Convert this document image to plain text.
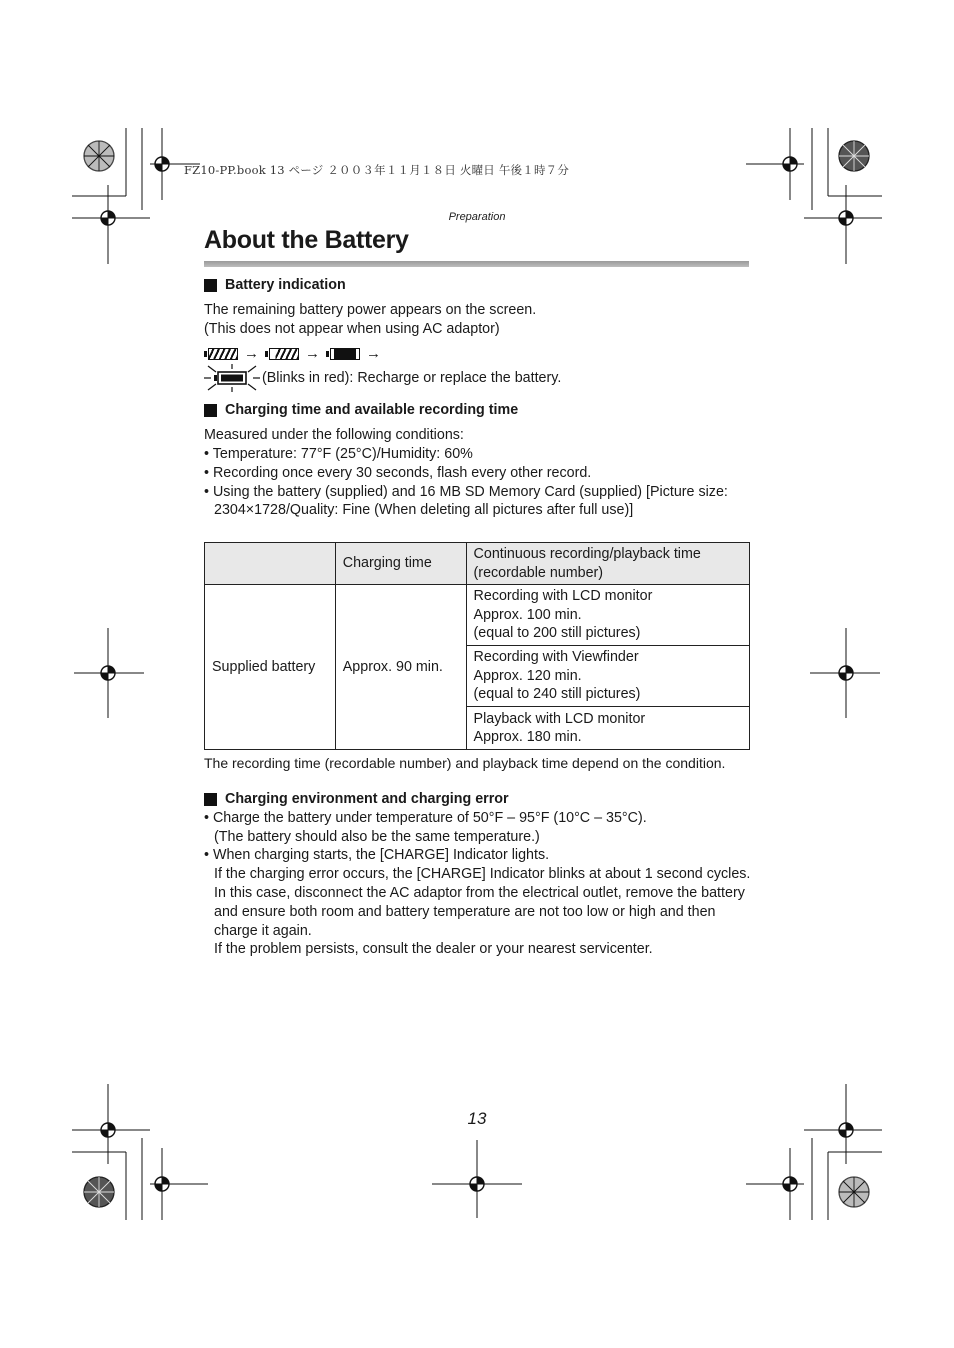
FZ10-PP.book 13 ページ ２００３年１１月１８日 火曜日 午後１時７分
Preparation
About the Battery

Battery indication

The remaining battery power appears on the screen.

(This does not appear when using AC adaptor)

→	→	→
(Blinks in red): Recharge or replace the battery.

Charging time and available recording time

Measured under the following conditions:

• Temperature: 77°F (25°C)/Humidity: 60%

• Recording once every 30 seconds, flash every other record.

• Using the battery (supplied) and 16 MB SD Memory Card (supplied) [Picture size: 2304×1728/Quality: Fine (When deleting all pictures after full use)]

	Charging time	Continuous recording/playback time
(recordable number)

Supplied battery	Approx. 90 min.	Recording with LCD monitor
Approx. 100 min.
(equal to 200 still pictures)

		Recording with Viewfinder
Approx. 120 min.
(equal to 240 still pictures)

		Playback with LCD monitor
Approx. 180 min.

The recording time (recordable number) and playback time depend on the condition.

Charging environment and charging error

• Charge the battery under temperature of 50°F – 95°F (10°C – 35°C).

(The battery should also be the same temperature.)

• When charging starts, the [CHARGE] Indicator lights.

If the charging error occurs, the [CHARGE] Indicator blinks at about 1 second cycles.

In this case, disconnect the AC adaptor from the electrical outlet, remove the battery and ensure both room and battery temperature are not too low or high and then charge it again.

If the problem persists, consult the dealer or your nearest servicenter.

13
